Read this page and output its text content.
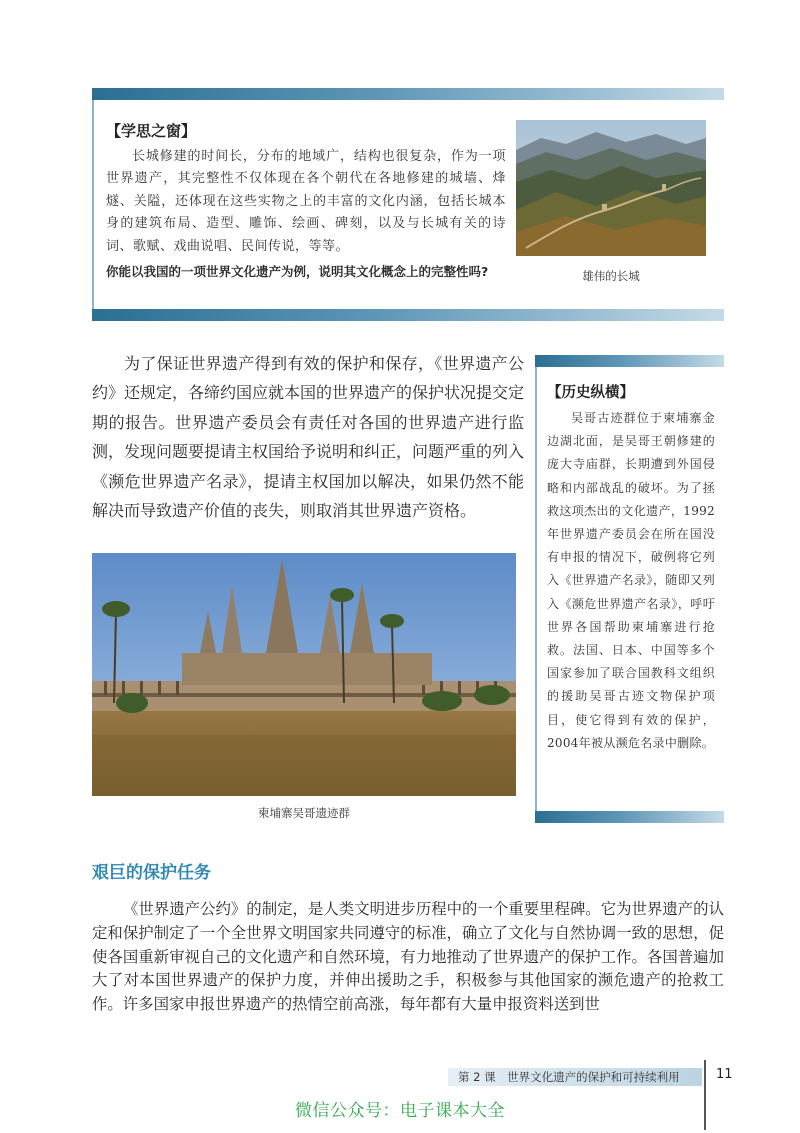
【学思之窗】
长城修建的时间长，分布的地域广，结构也很复杂，作为一项世界遗产，其完整性不仅体现在各个朝代在各地修建的城墙、烽燧、关隘，还体现在这些实物之上的丰富的文化内涵，包括长城本身的建筑布局、造型、雕饰、绘画、碑刻，以及与长城有关的诗词、歌赋、戏曲说唱、民间传说，等等。
你能以我国的一项世界文化遗产为例，说明其文化概念上的完整性吗?	雄伟的长城
为了保证世界遗产得到有效的保护和保存，《世界遗产公约》还规定，各缔约国应就本国的世界遗产的保护状况提交定期的报告。世界遗产委员会有责任对各国的世界遗产进行监测，发现问题要提请主权国给予说明和纠正，问题严重的列入《濒危世界遗产名录》，提请主权国加以解决，如果仍然不能解决而导致遗产价值的丧失，则取消其世界遗产资格。
【历史纵横】
吴哥古迹群位于柬埔寨金边湖北面，是吴哥王朝修建的庞大寺庙群，长期遭到外国侵略和内部战乱的破坏。为了拯救这项杰出的文化遗产，1992年世界遗产委员会在所在国没有申报的情况下，破例将它列入《世界遗产名录》，随即又列入《濒危世界遗产名录》，呼吁世界各国帮助柬埔寨进行抢救。法国、日本、中国等多个国家参加了联合国教科文组织的援助吴哥古迹文物保护项目，使它得到有效的保护，2004年被从濒危名录中删除。
柬埔寨吴哥遗迹群
艰巨的保护任务
《世界遗产公约》的制定，是人类文明进步历程中的一个重要里程碑。它为世界遗产的认定和保护制定了一个全世界文明国家共同遵守的标准，确立了文化与自然协调一致的思想，促使各国重新审视自己的文化遗产和自然环境，有力地推动了世界遗产的保护工作。各国普遍加大了对本国世界遗产的保护力度，并伸出援助之手，积极参与其他国家的濒危遗产的抢救工作。许多国家申报世界遗产的热情空前高涨，每年都有大量申报资料送到世
第 2 课　世界文化遗产的保护和可持续利用	11
微信公众号：电子课本大全
